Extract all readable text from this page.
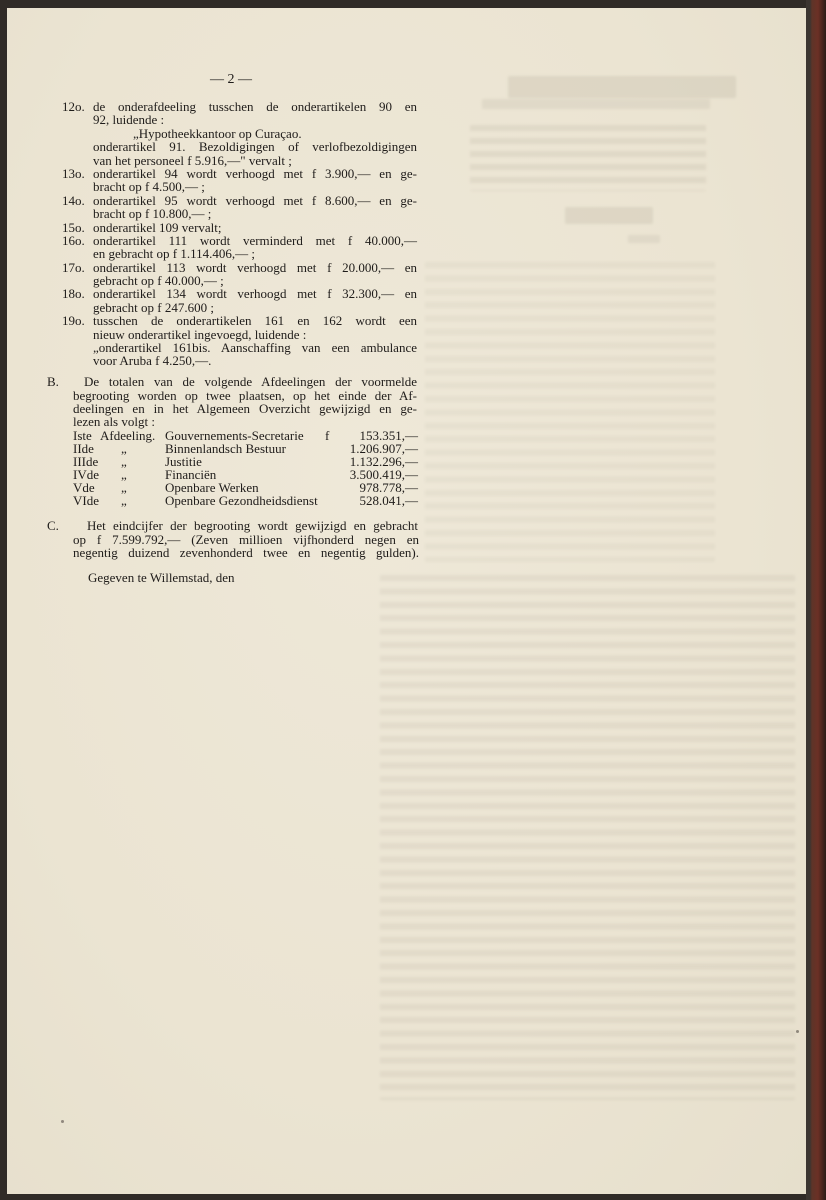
— 2 —
12o. de onderafdeeling tusschen de onderartikelen 90 en
92, luidende :
„Hypotheekkantoor op Curaçao.
onderartikel 91. Bezoldigingen of verlofbezoldigingen
van het personeel f 5.916,—" vervalt ;
13o. onderartikel 94 wordt verhoogd met f 3.900,— en ge-
bracht op f 4.500,— ;
14o. onderartikel 95 wordt verhoogd met f 8.600,— en ge-
bracht op f 10.800,— ;
15o. onderartikel 109 vervalt;
16o. onderartikel 111 wordt verminderd met f 40.000,—
en gebracht op f 1.114.406,— ;
17o. onderartikel 113 wordt verhoogd met f 20.000,— en
gebracht op f 40.000,— ;
18o. onderartikel 134 wordt verhoogd met f 32.300,— en
gebracht op f 247.600 ;
19o. tusschen de onderartikelen 161 en 162 wordt een
nieuw onderartikel ingevoegd, luidende :
„onderartikel 161bis. Aanschaffing van een ambulance
voor Aruba f 4.250,—.
B. De totalen van de volgende Afdeelingen der voormelde
begrooting worden op twee plaatsen, op het einde der Af-
deelingen en in het Algemeen Overzicht gewijzigd en ge-
lezen als volgt :
Iste Afdeeling. Gouvernements-Secretarie f	153.351,—
IIde „	Binnenlandsch Bestuur	1.206.907,—
IIIde „	Justitie	1.132.296,—
IVde „	Financiën	3.500.419,—
Vde „	Openbare Werken	978.778,—
VIde „	Openbare Gezondheidsdienst	528.041,—
C. Het eindcijfer der begrooting wordt gewijzigd en gebracht
op f 7.599.792,— (Zeven millioen vijfhonderd negen en
negentig duizend zevenhonderd twee en negentig gulden).
Gegeven te Willemstad, den
